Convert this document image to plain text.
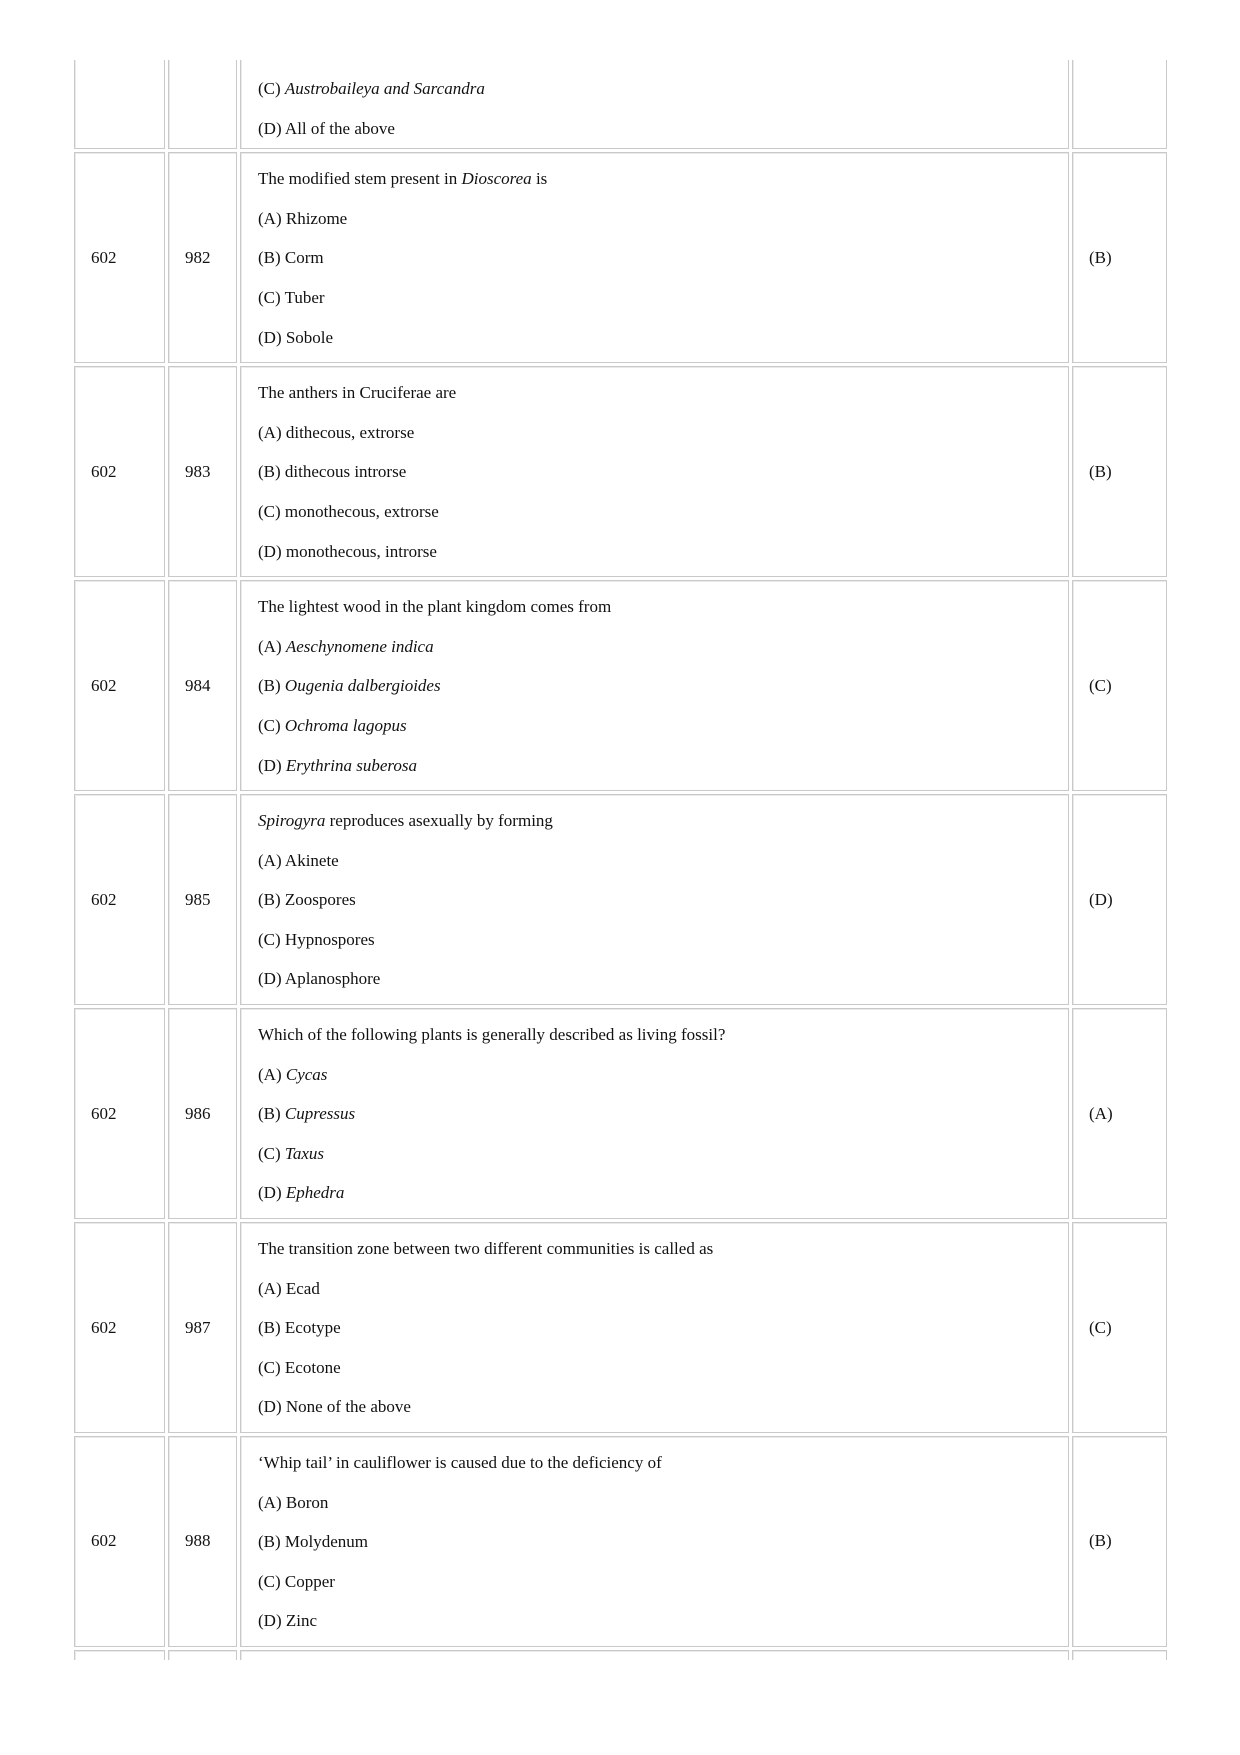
(C) Austrobaileya and Sarcandra
(D) All of the above
602	982
The modified stem present in Dioscorea is
(A) Rhizome
(B) Corm
(C) Tuber
(D) Sobole
(B)
602	983
The anthers in Cruciferae are
(A) dithecous, extrorse
(B) dithecous introrse
(C) monothecous, extrorse
(D) monothecous, introrse
(B)
602	984
The lightest wood in the plant kingdom comes from
(A) Aeschynomene indica
(B) Ougenia dalbergioides
(C) Ochroma lagopus
(D) Erythrina suberosa
(C)
602	985
Spirogyra reproduces asexually by forming
(A) Akinete
(B) Zoospores
(C) Hypnospores
(D) Aplanosphore
(D)
602	986
Which of the following plants is generally described as living fossil?
(A) Cycas
(B) Cupressus
(C) Taxus
(D) Ephedra
(A)
602	987
The transition zone between two different communities is called as
(A) Ecad
(B) Ecotype
(C) Ecotone
(D) None of the above
(C)
602	988
‘Whip tail’ in cauliflower is caused due to the deficiency of
(A) Boron
(B) Molydenum
(C) Copper
(D) Zinc
(B)
